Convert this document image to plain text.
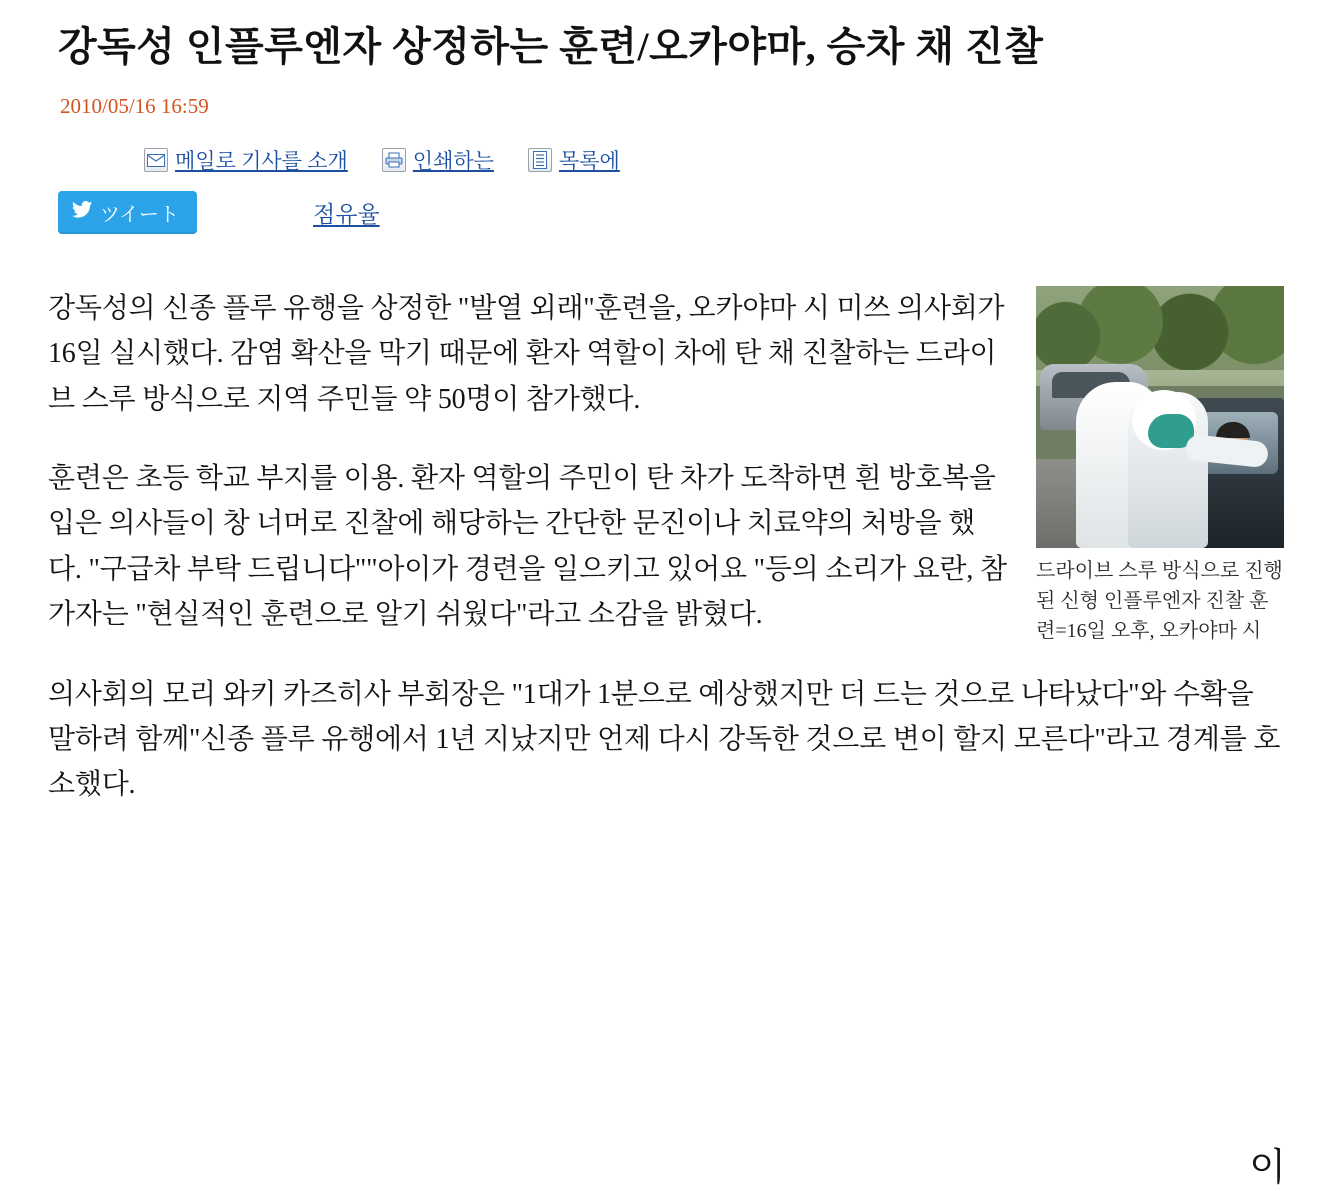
강독성 인플루엔자 상정하는 훈련/오카야마, 승차 채 진찰
2010/05/16 16:59
메일로 기사를 소개	인쇄하는	목록에
ツイート	점유율
드라이브 스루 방식으로 진행된 신형 인플루엔자 진찰 훈련=16일 오후, 오카야마 시

강독성의 신종 플루 유행을 상정한 "발열 외래"훈련을, 오카야마 시 미쓰 의사회가 16일 실시했다. 감염 확산을 막기 때문에 환자 역할이 차에 탄 채 진찰하는 드라이브 스루 방식으로 지역 주민들 약 50명이 참가했다.

훈련은 초등 학교 부지를 이용. 환자 역할의 주민이 탄 차가 도착하면 흰 방호복을 입은 의사들이 창 너머로 진찰에 해당하는 간단한 문진이나 치료약의 처방을 했다. "구급차 부탁 드립니다""아이가 경련을 일으키고 있어요 "등의 소리가 요란, 참가자는 "현실적인 훈련으로 알기 쉬웠다"라고 소감을 밝혔다.

의사회의 모리 와키 카즈히사 부회장은 "1대가 1분으로 예상했지만 더 드는 것으로 나타났다"와 수확을 말하려 함께"신종 플루 유행에서 1년 지났지만 언제 다시 강독한 것으로 변이 할지 모른다"라고 경계를 호소했다.

이
